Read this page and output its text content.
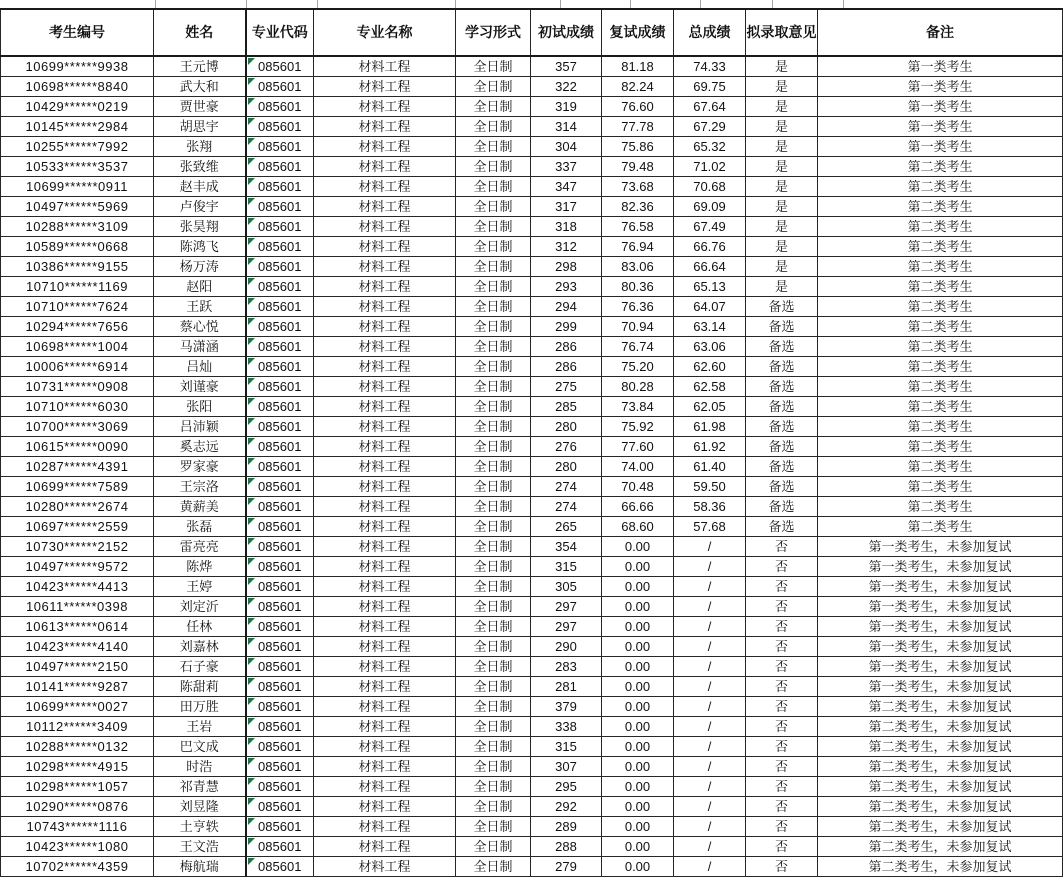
考生编号	姓名	专业代码	专业名称	学习形式	初试成绩	复试成绩	总成绩	拟录取意见	备注
10699******9938	王元博	085601	材料工程	全日制	357	81.18	74.33	是	第一类考生
10698******8840	武大和	085601	材料工程	全日制	322	82.24	69.75	是	第一类考生
10429******0219	贾世豪	085601	材料工程	全日制	319	76.60	67.64	是	第一类考生
10145******2984	胡思宇	085601	材料工程	全日制	314	77.78	67.29	是	第一类考生
10255******7992	张翔	085601	材料工程	全日制	304	75.86	65.32	是	第一类考生
10533******3537	张致维	085601	材料工程	全日制	337	79.48	71.02	是	第二类考生
10699******0911	赵丰成	085601	材料工程	全日制	347	73.68	70.68	是	第二类考生
10497******5969	卢俊宇	085601	材料工程	全日制	317	82.36	69.09	是	第二类考生
10288******3109	张昊翔	085601	材料工程	全日制	318	76.58	67.49	是	第二类考生
10589******0668	陈鸿飞	085601	材料工程	全日制	312	76.94	66.76	是	第二类考生
10386******9155	杨万涛	085601	材料工程	全日制	298	83.06	66.64	是	第二类考生
10710******1169	赵阳	085601	材料工程	全日制	293	80.36	65.13	是	第二类考生
10710******7624	王跃	085601	材料工程	全日制	294	76.36	64.07	备选	第二类考生
10294******7656	蔡心悦	085601	材料工程	全日制	299	70.94	63.14	备选	第二类考生
10698******1004	马潇涵	085601	材料工程	全日制	286	76.74	63.06	备选	第二类考生
10006******6914	吕灿	085601	材料工程	全日制	286	75.20	62.60	备选	第二类考生
10731******0908	刘谨豪	085601	材料工程	全日制	275	80.28	62.58	备选	第二类考生
10710******6030	张阳	085601	材料工程	全日制	285	73.84	62.05	备选	第二类考生
10700******3069	吕沛颖	085601	材料工程	全日制	280	75.92	61.98	备选	第二类考生
10615******0090	奚志远	085601	材料工程	全日制	276	77.60	61.92	备选	第二类考生
10287******4391	罗家豪	085601	材料工程	全日制	280	74.00	61.40	备选	第二类考生
10699******7589	王宗洛	085601	材料工程	全日制	274	70.48	59.50	备选	第二类考生
10280******2674	黄薪美	085601	材料工程	全日制	274	66.66	58.36	备选	第二类考生
10697******2559	张磊	085601	材料工程	全日制	265	68.60	57.68	备选	第二类考生
10730******2152	雷亮亮	085601	材料工程	全日制	354	0.00	/	否	第一类考生，未参加复试
10497******9572	陈烨	085601	材料工程	全日制	315	0.00	/	否	第一类考生，未参加复试
10423******4413	王婷	085601	材料工程	全日制	305	0.00	/	否	第一类考生，未参加复试
10611******0398	刘定沂	085601	材料工程	全日制	297	0.00	/	否	第一类考生，未参加复试
10613******0614	任林	085601	材料工程	全日制	297	0.00	/	否	第一类考生，未参加复试
10423******4140	刘嘉林	085601	材料工程	全日制	290	0.00	/	否	第一类考生，未参加复试
10497******2150	石子豪	085601	材料工程	全日制	283	0.00	/	否	第一类考生，未参加复试
10141******9287	陈甜莉	085601	材料工程	全日制	281	0.00	/	否	第一类考生，未参加复试
10699******0027	田万胜	085601	材料工程	全日制	379	0.00	/	否	第二类考生，未参加复试
10112******3409	王岩	085601	材料工程	全日制	338	0.00	/	否	第二类考生，未参加复试
10288******0132	巴文成	085601	材料工程	全日制	315	0.00	/	否	第二类考生，未参加复试
10298******4915	时浩	085601	材料工程	全日制	307	0.00	/	否	第二类考生，未参加复试
10298******1057	祁青慧	085601	材料工程	全日制	295	0.00	/	否	第二类考生，未参加复试
10290******0876	刘昱隆	085601	材料工程	全日制	292	0.00	/	否	第二类考生，未参加复试
10743******1116	土亨轶	085601	材料工程	全日制	289	0.00	/	否	第二类考生，未参加复试
10423******1080	王文浩	085601	材料工程	全日制	288	0.00	/	否	第二类考生，未参加复试
10702******4359	梅航瑞	085601	材料工程	全日制	279	0.00	/	否	第二类考生，未参加复试
